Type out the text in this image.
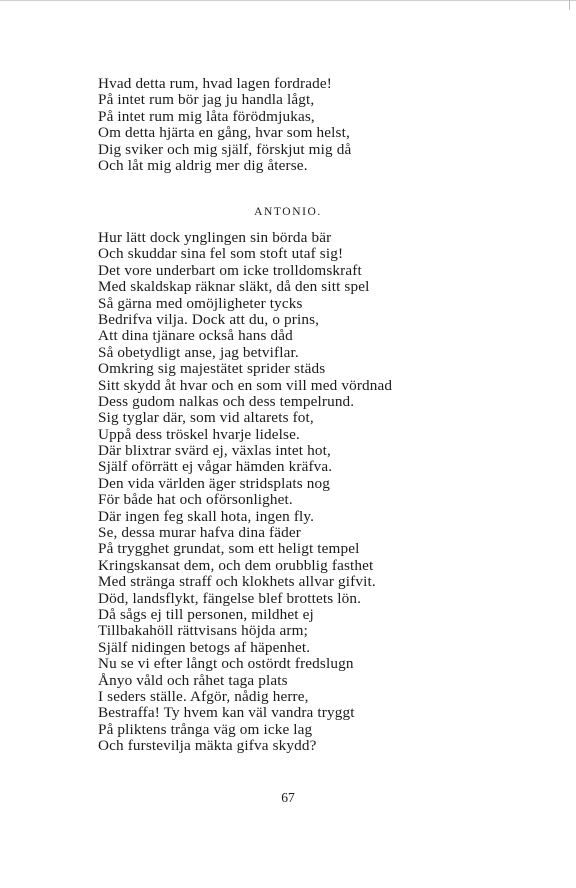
Hvad detta rum, hvad lagen fordrade!
På intet rum bör jag ju handla lågt,
På intet rum mig låta förödmjukas,
Om detta hjärta en gång, hvar som helst,
Dig sviker och mig själf, förskjut mig då
Och låt mig aldrig mer dig återse.

ANTONIO.

Hur lätt dock ynglingen sin börda bär
Och skuddar sina fel som stoft utaf sig!
Det vore underbart om icke trolldomskraft
Med skaldskap räknar släkt, då den sitt spel
Så gärna med omöjligheter tycks
Bedrifva vilja. Dock att du, o prins,
Att dina tjänare också hans dåd
Så obetydligt anse, jag betviflar.
Omkring sig majestätet sprider städs
Sitt skydd åt hvar och en som vill med vördnad
Dess gudom nalkas och dess tempelrund.
Sig tyglar där, som vid altarets fot,
Uppå dess tröskel hvarje lidelse.
Där blixtrar svärd ej, växlas intet hot,
Själf oförrätt ej vågar hämden kräfva.
Den vida världen äger stridsplats nog
För både hat och oförsonlighet.
Där ingen feg skall hota, ingen fly.
Se, dessa murar hafva dina fäder
På trygghet grundat, som ett heligt tempel
Kringskansat dem, och dem orubblig fasthet
Med stränga straff och klokhets allvar gifvit.
Död, landsflykt, fängelse blef brottets lön.
Då sågs ej till personen, mildhet ej
Tillbakahöll rättvisans höjda arm;
Själf nidingen betogs af häpenhet.
Nu se vi efter långt och ostördt fredslugn
Ånyo våld och råhet taga plats
I seders ställe. Afgör, nådig herre,
Bestraffa! Ty hvem kan väl vandra tryggt
På pliktens trånga väg om icke lag
Och furstevilja mäkta gifva skydd?

67
